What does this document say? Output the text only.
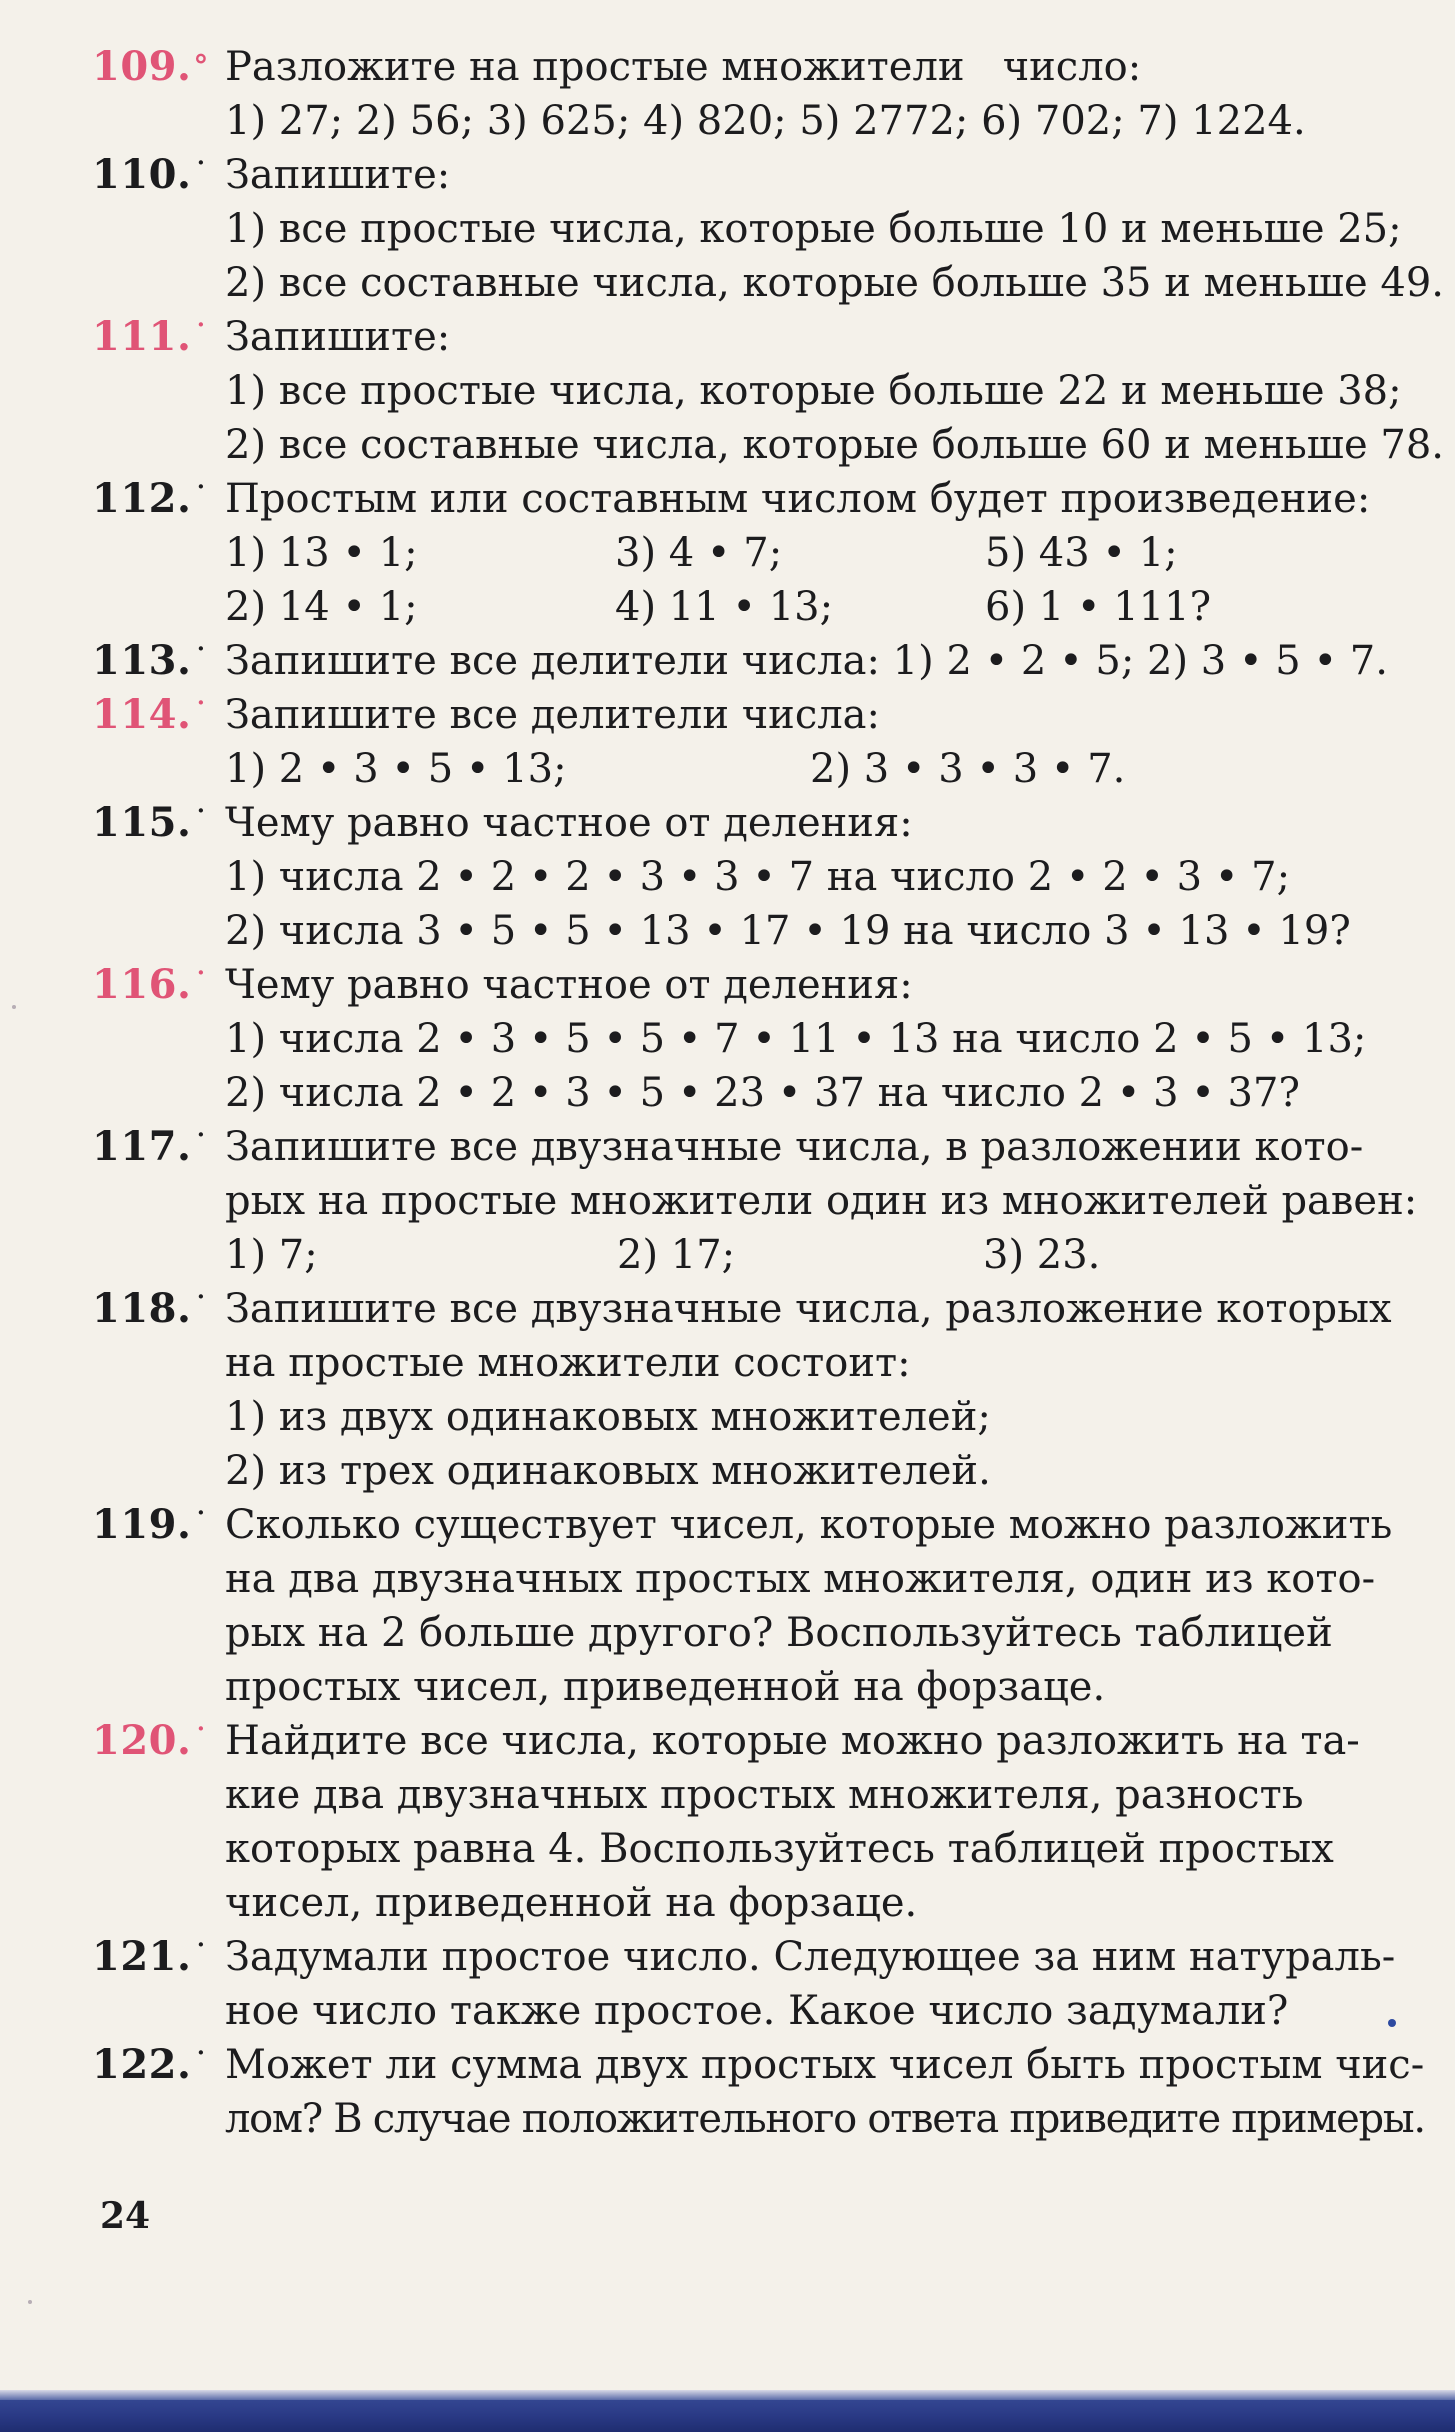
109.° Разложите на простые множители   число:
1) 27; 2) 56; 3) 625; 4) 820; 5) 2772; 6) 702; 7) 1224.
110.˙ Запишите:
1) все простые числа, которые больше 10 и меньше 25;
2) все составные числа, которые больше 35 и меньше 49.
111.˙ Запишите:
1) все простые числа, которые больше 22 и меньше 38;
2) все составные числа, которые больше 60 и меньше 78.
112.˙ Простым или составным числом будет произведение:
1) 13 • 1;	3) 4 • 7;	5) 43 • 1;
2) 14 • 1;	4) 11 • 13;	6) 1 • 111?
113.˙ Запишите все делители числа: 1) 2 • 2 • 5; 2) 3 • 5 • 7.
114.˙ Запишите все делители числа:
1) 2 • 3 • 5 • 13;	2) 3 • 3 • 3 • 7.
115.˙ Чему равно частное от деления:
1) числа 2 • 2 • 2 • 3 • 3 • 7 на число 2 • 2 • 3 • 7;
2) числа 3 • 5 • 5 • 13 • 17 • 19 на число 3 • 13 • 19?
116.˙ Чему равно частное от деления:
1) числа 2 • 3 • 5 • 5 • 7 • 11 • 13 на число 2 • 5 • 13;
2) числа 2 • 2 • 3 • 5 • 23 • 37 на число 2 • 3 • 37?
117.˙ Запишите все двузначные числа, в разложении кото-
рых на простые множители один из множителей равен:
1) 7;	2) 17;	3) 23.
118.˙ Запишите все двузначные числа, разложение которых
на простые множители состоит:
1) из двух одинаковых множителей;
2) из трех одинаковых множителей.
119.˙ Сколько существует чисел, которые можно разложить
на два двузначных простых множителя, один из кото-
рых на 2 больше другого? Воспользуйтесь таблицей
простых чисел, приведенной на форзаце.
120.˙ Найдите все числа, которые можно разложить на та-
кие два двузначных простых множителя, разность
которых равна 4. Воспользуйтесь таблицей простых
чисел, приведенной на форзаце.
121.˙ Задумали простое число. Следующее за ним натураль-
ное число также простое. Какое число задумали?
122.˙ Может ли сумма двух простых чисел быть простым чис-
лом? В случае положительного ответа приведите примеры.
24
